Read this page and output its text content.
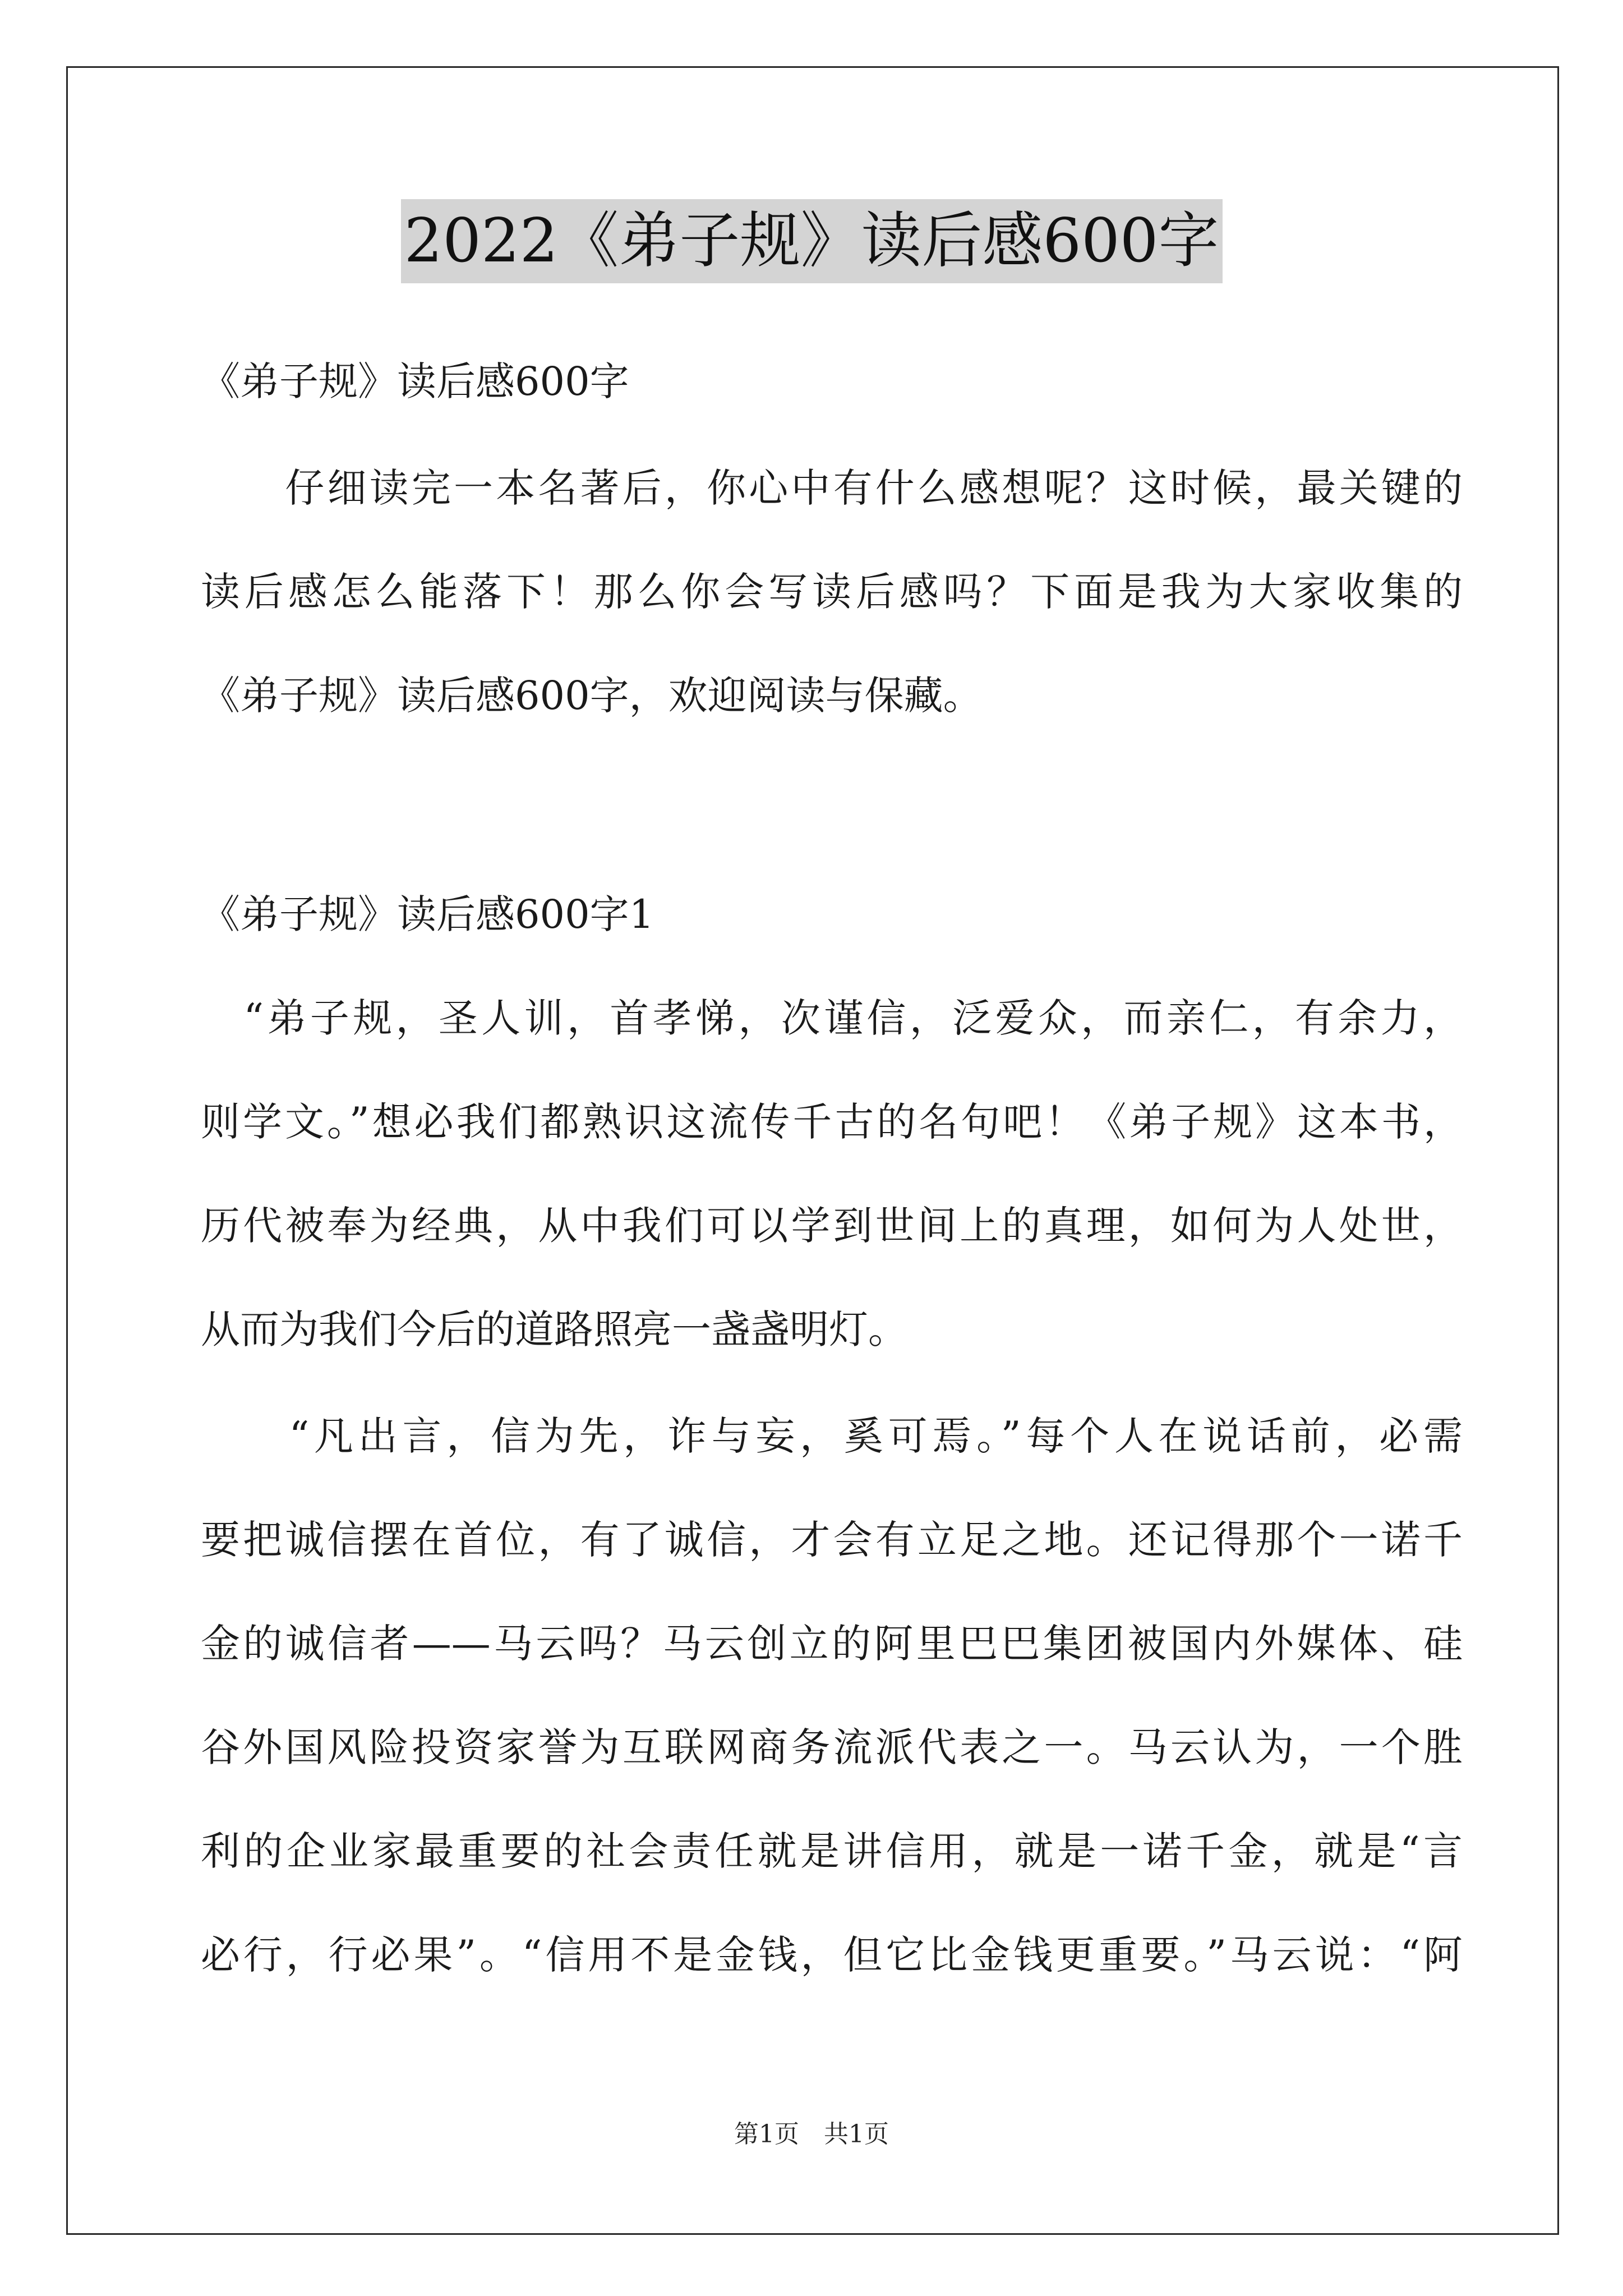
2022《弟子规》读后感600字
《弟子规》读后感600字
　　仔细读完一本名著后，你心中有什么感想呢？这时候，最关键的
读后感怎么能落下！那么你会写读后感吗？下面是我为大家收集的
《弟子规》读后感600字，欢迎阅读与保藏。
《弟子规》读后感600字1
　“弟子规，圣人训，首孝悌，次谨信，泛爱众，而亲仁，有余力，
则学文。”想必我们都熟识这流传千古的名句吧！《弟子规》这本书，
历代被奉为经典，从中我们可以学到世间上的真理，如何为人处世，
从而为我们今后的道路照亮一盏盏明灯。
　　“凡出言，信为先，诈与妄，奚可焉。”每个人在说话前，必需
要把诚信摆在首位，有了诚信，才会有立足之地。还记得那个一诺千
金的诚信者——马云吗？马云创立的阿里巴巴集团被国内外媒体、硅
谷外国风险投资家誉为互联网商务流派代表之一。马云认为，一个胜
利的企业家最重要的社会责任就是讲信用，就是一诺千金，就是“言
必行，行必果”。“信用不是金钱，但它比金钱更重要。”马云说：“阿
第1页　共1页
